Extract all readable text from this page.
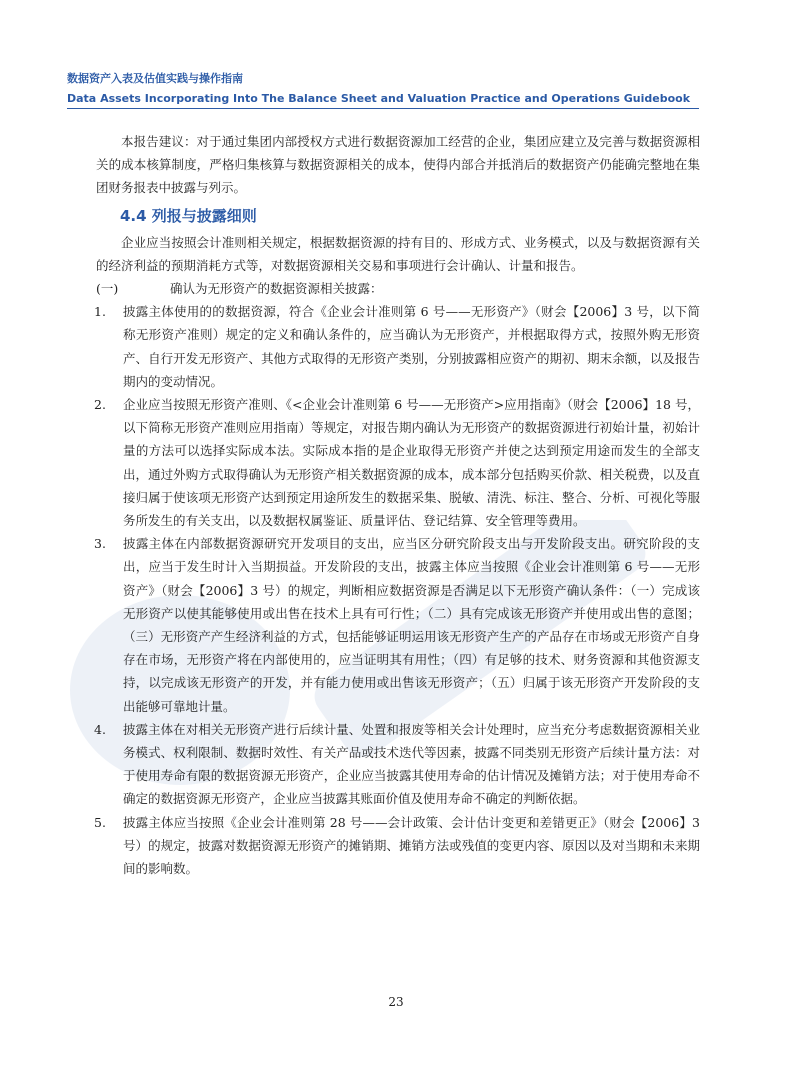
数据资产入表及估值实践与操作指南
Data Assets Incorporating Into The Balance Sheet and Valuation Practice and Operations Guidebook

本报告建议：对于通过集团内部授权方式进行数据资源加工经营的企业，集团应建立及完善与数据资源相关的成本核算制度，严格归集核算与数据资源相关的成本，使得内部合并抵消后的数据资产仍能确完整地在集团财务报表中披露与列示。

4.4 列报与披露细则

企业应当按照会计准则相关规定，根据数据资源的持有目的、形成方式、业务模式，以及与数据资源有关的经济利益的预期消耗方式等，对数据资源相关交易和事项进行会计确认、计量和报告。

(一)	确认为无形资产的数据资源相关披露：
1.	披露主体使用的的数据资源，符合《企业会计准则第 6 号——无形资产》（财会【2006】3 号，以下简称无形资产准则）规定的定义和确认条件的，应当确认为无形资产，并根据取得方式，按照外购无形资产、自行开发无形资产、其他方式取得的无形资产类别，分别披露相应资产的期初、期末余额，以及报告期内的变动情况。
2.	企业应当按照无形资产准则、《<企业会计准则第 6 号——无形资产>应用指南》（财会【2006】18 号，以下简称无形资产准则应用指南）等规定，对报告期内确认为无形资产的数据资源进行初始计量，初始计量的方法可以选择实际成本法。实际成本指的是企业取得无形资产并使之达到预定用途而发生的全部支出，通过外购方式取得确认为无形资产相关数据资源的成本，成本部分包括购买价款、相关税费，以及直接归属于使该项无形资产达到预定用途所发生的数据采集、脱敏、清洗、标注、整合、分析、可视化等服务所发生的有关支出，以及数据权属鉴证、质量评估、登记结算、安全管理等费用。
3.	披露主体在内部数据资源研究开发项目的支出，应当区分研究阶段支出与开发阶段支出。研究阶段的支出，应当于发生时计入当期损益。开发阶段的支出，披露主体应当按照《企业会计准则第 6 号——无形资产》（财会【2006】3 号）的规定，判断相应数据资源是否满足以下无形资产确认条件：（一）完成该无形资产以使其能够使用或出售在技术上具有可行性；（二）具有完成该无形资产并使用或出售的意图；（三）无形资产产生经济利益的方式，包括能够证明运用该无形资产生产的产品存在市场或无形资产自身存在市场，无形资产将在内部使用的，应当证明其有用性；（四）有足够的技术、财务资源和其他资源支持，以完成该无形资产的开发，并有能力使用或出售该无形资产；（五）归属于该无形资产开发阶段的支出能够可靠地计量。
4.	披露主体在对相关无形资产进行后续计量、处置和报废等相关会计处理时，应当充分考虑数据资源相关业务模式、权利限制、数据时效性、有关产品或技术迭代等因素，披露不同类别无形资产后续计量方法：对于使用寿命有限的数据资源无形资产，企业应当披露其使用寿命的估计情况及摊销方法；对于使用寿命不确定的数据资源无形资产，企业应当披露其账面价值及使用寿命不确定的判断依据。
5.	披露主体应当按照《企业会计准则第 28 号——会计政策、会计估计变更和差错更正》（财会【2006】3 号）的规定，披露对数据资源无形资产的摊销期、摊销方法或残值的变更内容、原因以及对当期和未来期间的影响数。
23
